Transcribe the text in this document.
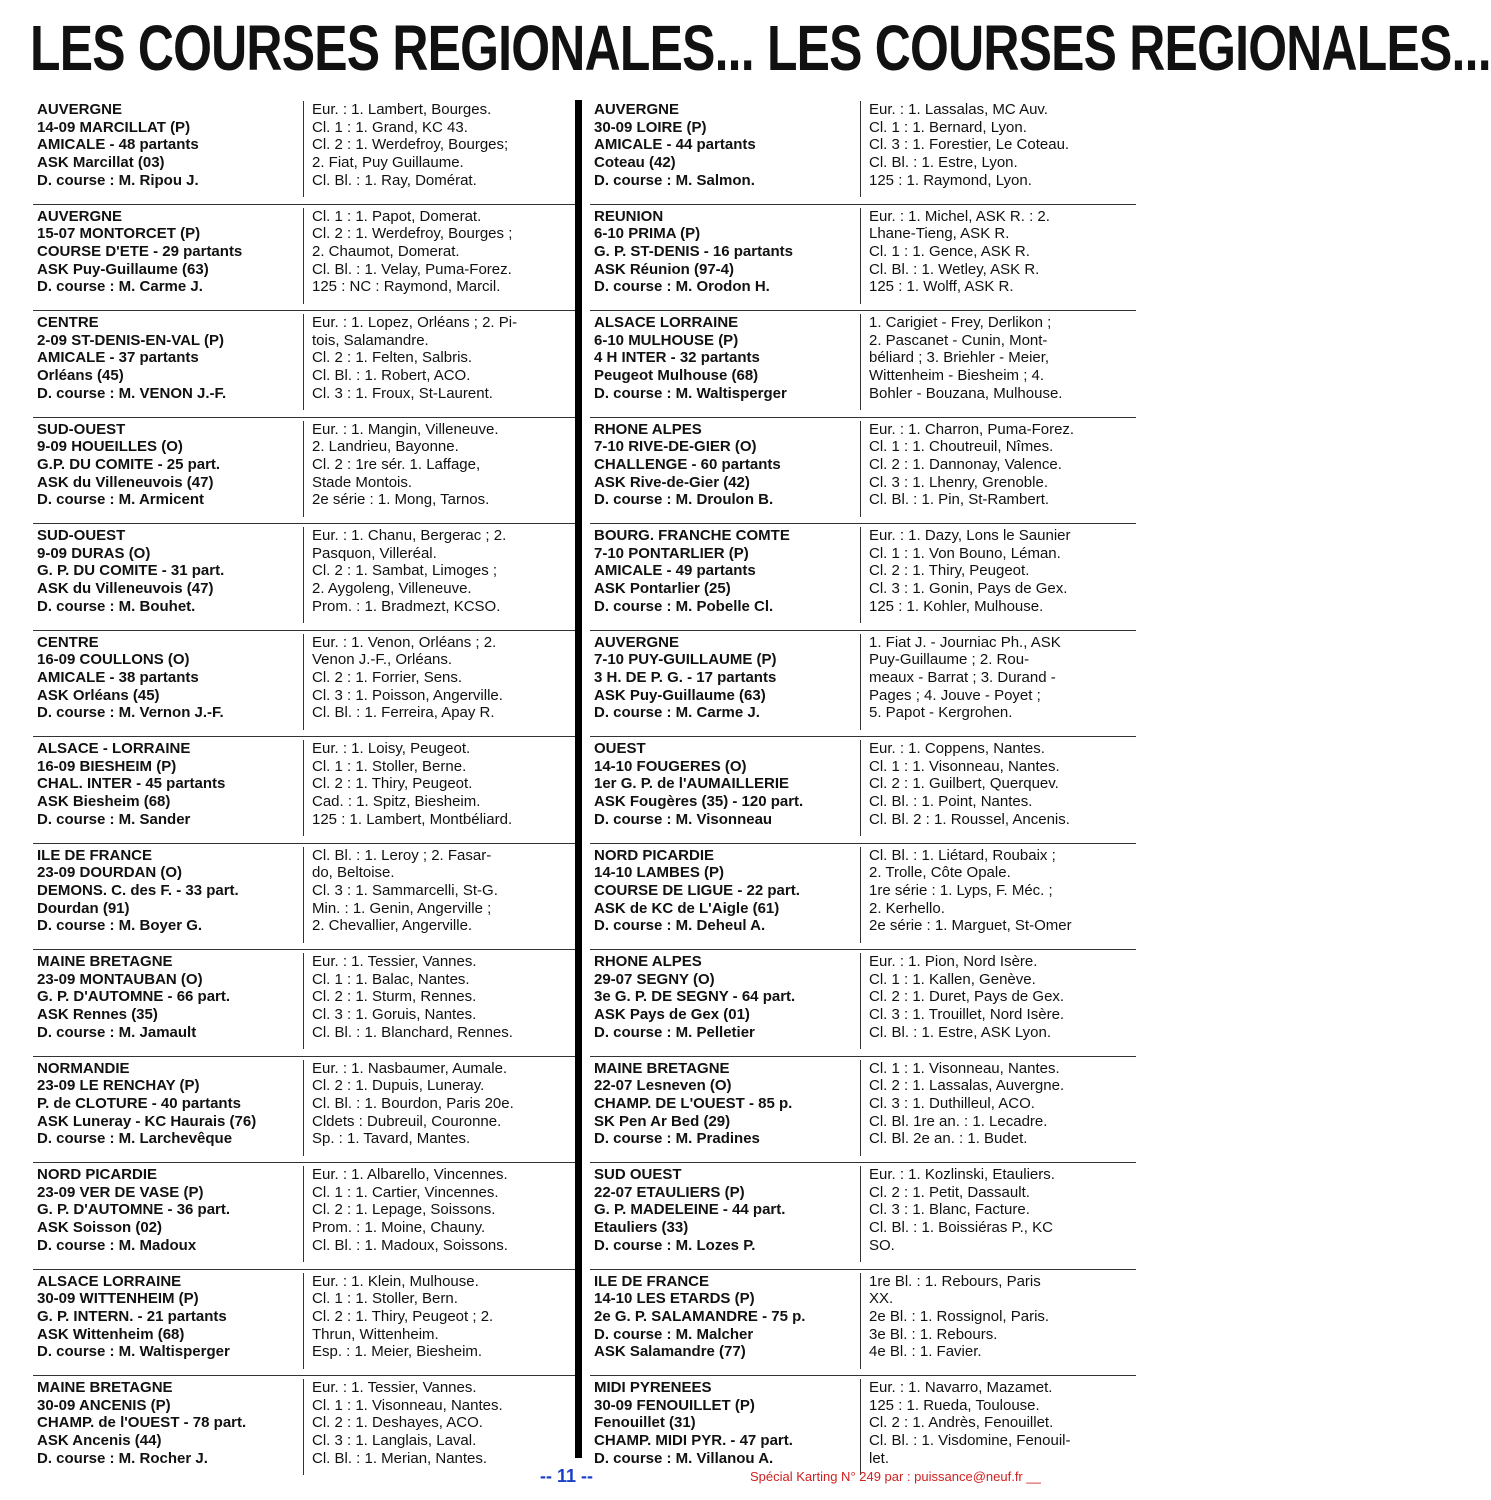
LES COURSES REGIONALES... LES COURSES REGIONALES...
AUVERGNE
14-09 MARCILLAT (P)
AMICALE - 48 partants
ASK Marcillat (03)
D. course : M. Ripou J.
Eur. : 1. Lambert, Bourges.
Cl. 1 : 1. Grand, KC 43.
Cl. 2 : 1. Werdefroy, Bourges;
2. Fiat, Puy Guillaume.
Cl. Bl. : 1. Ray, Domérat.
AUVERGNE
15-07 MONTORCET (P)
COURSE D'ETE - 29 partants
ASK Puy-Guillaume (63)
D. course : M. Carme J.
Cl. 1 : 1. Papot, Domerat.
Cl. 2 : 1. Werdefroy, Bourges ;
2. Chaumot, Domerat.
Cl. Bl. : 1. Velay, Puma-Forez.
125 : NC : Raymond, Marcil.
CENTRE
2-09 ST-DENIS-EN-VAL (P)
AMICALE - 37 partants
Orléans (45)
D. course : M. VENON J.-F.
Eur. : 1. Lopez, Orléans ; 2. Pi-
tois, Salamandre.
Cl. 2 : 1. Felten, Salbris.
Cl. Bl. : 1. Robert, ACO.
Cl. 3 : 1. Froux, St-Laurent.
SUD-OUEST
9-09 HOUEILLES (O)
G.P. DU COMITE - 25 part.
ASK du Villeneuvois (47)
D. course : M. Armicent
Eur. : 1. Mangin, Villeneuve.
2. Landrieu, Bayonne.
Cl. 2 : 1re sér. 1. Laffage,
Stade Montois.
2e série : 1. Mong, Tarnos.
SUD-OUEST
9-09 DURAS (O)
G. P. DU COMITE - 31 part.
ASK du Villeneuvois (47)
D. course : M. Bouhet.
Eur. : 1. Chanu, Bergerac ; 2.
Pasquon, Villeréal.
Cl. 2 : 1. Sambat, Limoges ;
2. Aygoleng, Villeneuve.
Prom. : 1. Bradmezt, KCSO.
CENTRE
16-09 COULLONS (O)
AMICALE - 38 partants
ASK Orléans (45)
D. course : M. Vernon J.-F.
Eur. : 1. Venon, Orléans ; 2.
Venon J.-F., Orléans.
Cl. 2 : 1. Forrier, Sens.
Cl. 3 : 1. Poisson, Angerville.
Cl. Bl. : 1. Ferreira, Apay R.
ALSACE - LORRAINE
16-09 BIESHEIM (P)
CHAL. INTER - 45 partants
ASK Biesheim (68)
D. course : M. Sander
Eur. : 1. Loisy, Peugeot.
Cl. 1 : 1. Stoller, Berne.
Cl. 2 : 1. Thiry, Peugeot.
Cad. : 1. Spitz, Biesheim.
125 : 1. Lambert, Montbéliard.
ILE DE FRANCE
23-09 DOURDAN (O)
DEMONS. C. des F. - 33 part.
Dourdan (91)
D. course : M. Boyer G.
Cl. Bl. : 1. Leroy ; 2. Fasar-
do, Beltoise.
Cl. 3 : 1. Sammarcelli, St-G.
Min. : 1. Genin, Angerville ;
2. Chevallier, Angerville.
MAINE BRETAGNE
23-09 MONTAUBAN (O)
G. P. D'AUTOMNE - 66 part.
ASK Rennes (35)
D. course : M. Jamault
Eur. : 1. Tessier, Vannes.
Cl. 1 : 1. Balac, Nantes.
Cl. 2 : 1. Sturm, Rennes.
Cl. 3 : 1. Goruis, Nantes.
Cl. Bl. : 1. Blanchard, Rennes.
NORMANDIE
23-09 LE RENCHAY (P)
P. de CLOTURE - 40 partants
ASK Luneray - KC Haurais (76)
D. course : M. Larchevêque
Eur. : 1. Nasbaumer, Aumale.
Cl. 2 : 1. Dupuis, Luneray.
Cl. Bl. : 1. Bourdon, Paris 20e.
Cldets : Dubreuil, Couronne.
Sp. : 1. Tavard, Mantes.
NORD PICARDIE
23-09 VER DE VASE (P)
G. P. D'AUTOMNE - 36 part.
ASK Soisson (02)
D. course : M. Madoux
Eur. : 1. Albarello, Vincennes.
Cl. 1 : 1. Cartier, Vincennes.
Cl. 2 : 1. Lepage, Soissons.
Prom. : 1. Moine, Chauny.
Cl. Bl. : 1. Madoux, Soissons.
ALSACE LORRAINE
30-09 WITTENHEIM (P)
G. P. INTERN. - 21 partants
ASK Wittenheim (68)
D. course : M. Waltisperger
Eur. : 1. Klein, Mulhouse.
Cl. 1 : 1. Stoller, Bern.
Cl. 2 : 1. Thiry, Peugeot ; 2.
Thrun, Wittenheim.
Esp. : 1. Meier, Biesheim.
MAINE BRETAGNE
30-09 ANCENIS (P)
CHAMP. de l'OUEST - 78 part.
ASK Ancenis (44)
D. course : M. Rocher J.
Eur. : 1. Tessier, Vannes.
Cl. 1 : 1. Visonneau, Nantes.
Cl. 2 : 1. Deshayes, ACO.
Cl. 3 : 1. Langlais, Laval.
Cl. Bl. : 1. Merian, Nantes.
AUVERGNE
30-09 LOIRE (P)
AMICALE - 44 partants
Coteau (42)
D. course : M. Salmon.
Eur. : 1. Lassalas, MC Auv.
Cl. 1 : 1. Bernard, Lyon.
Cl. 3 : 1. Forestier, Le Coteau.
Cl. Bl. : 1. Estre, Lyon.
125 : 1. Raymond, Lyon.
REUNION
6-10 PRIMA (P)
G. P. ST-DENIS - 16 partants
ASK Réunion (97-4)
D. course : M. Orodon H.
Eur. : 1. Michel, ASK R. : 2.
Lhane-Tieng, ASK R.
Cl. 1 : 1. Gence, ASK R.
Cl. Bl. : 1. Wetley, ASK R.
125 : 1. Wolff, ASK R.
ALSACE LORRAINE
6-10 MULHOUSE (P)
4 H INTER - 32 partants
Peugeot Mulhouse (68)
D. course : M. Waltisperger
1. Carigiet - Frey, Derlikon ;
2. Pascanet - Cunin, Mont-
béliard ; 3. Briehler - Meier,
Wittenheim - Biesheim ; 4.
Bohler - Bouzana, Mulhouse.
RHONE ALPES
7-10 RIVE-DE-GIER (O)
CHALLENGE - 60 partants
ASK Rive-de-Gier (42)
D. course : M. Droulon B.
Eur. : 1. Charron, Puma-Forez.
Cl. 1 : 1. Choutreuil, Nîmes.
Cl. 2 : 1. Dannonay, Valence.
Cl. 3 : 1. Lhenry, Grenoble.
Cl. Bl. : 1. Pin, St-Rambert.
BOURG. FRANCHE COMTE
7-10 PONTARLIER (P)
AMICALE - 49 partants
ASK Pontarlier (25)
D. course : M. Pobelle Cl.
Eur. : 1. Dazy, Lons le Saunier
Cl. 1 : 1. Von Bouno, Léman.
Cl. 2 : 1. Thiry, Peugeot.
Cl. 3 : 1. Gonin, Pays de Gex.
125 : 1. Kohler, Mulhouse.
AUVERGNE
7-10 PUY-GUILLAUME (P)
3 H. DE P. G. - 17 partants
ASK Puy-Guillaume (63)
D. course : M. Carme J.
1. Fiat J. - Journiac Ph., ASK
Puy-Guillaume ; 2. Rou-
meaux - Barrat ; 3. Durand -
Pages ; 4. Jouve - Poyet ;
5. Papot - Kergrohen.
OUEST
14-10 FOUGERES (O)
1er G. P. de l'AUMAILLERIE
ASK Fougères (35) - 120 part.
D. course : M. Visonneau
Eur. : 1. Coppens, Nantes.
Cl. 1 : 1. Visonneau, Nantes.
Cl. 2 : 1. Guilbert, Querquev.
Cl. Bl. : 1. Point, Nantes.
Cl. Bl. 2 : 1. Roussel, Ancenis.
NORD PICARDIE
14-10 LAMBES (P)
COURSE DE LIGUE - 22 part.
ASK de KC de L'Aigle (61)
D. course : M. Deheul A.
Cl. Bl. : 1. Liétard, Roubaix ;
2. Trolle, Côte Opale.
1re série : 1. Lyps, F. Méc. ;
2. Kerhello.
2e série : 1. Marguet, St-Omer
RHONE ALPES
29-07 SEGNY (O)
3e G. P. DE SEGNY - 64 part.
ASK Pays de Gex (01)
D. course : M. Pelletier
Eur. : 1. Pion, Nord Isère.
Cl. 1 : 1. Kallen, Genève.
Cl. 2 : 1. Duret, Pays de Gex.
Cl. 3 : 1. Trouillet, Nord Isère.
Cl. Bl. : 1. Estre, ASK Lyon.
MAINE BRETAGNE
22-07 Lesneven (O)
CHAMP. DE L'OUEST - 85 p.
SK Pen Ar Bed (29)
D. course : M. Pradines
Cl. 1 : 1. Visonneau, Nantes.
Cl. 2 : 1. Lassalas, Auvergne.
Cl. 3 : 1. Duthilleul, ACO.
Cl. Bl. 1re an. : 1. Lecadre.
Cl. Bl. 2e an. : 1. Budet.
SUD OUEST
22-07 ETAULIERS (P)
G. P. MADELEINE - 44 part.
Etauliers (33)
D. course : M. Lozes P.
Eur. : 1. Kozlinski, Etauliers.
Cl. 2 : 1. Petit, Dassault.
Cl. 3 : 1. Blanc, Facture.
Cl. Bl. : 1. Boissiéras P., KC
SO.
ILE DE FRANCE
14-10 LES ETARDS (P)
2e G. P. SALAMANDRE - 75 p.
D. course : M. Malcher
ASK Salamandre (77)
1re Bl. : 1. Rebours, Paris
XX.
2e Bl. : 1. Rossignol, Paris.
3e Bl. : 1. Rebours.
4e Bl. : 1. Favier.
MIDI PYRENEES
30-09 FENOUILLET (P)
Fenouillet (31)
CHAMP. MIDI PYR. - 47 part.
D. course : M. Villanou A.
Eur. : 1. Navarro, Mazamet.
125 : 1. Rueda, Toulouse.
Cl. 2 : 1. Andrès, Fenouillet.
Cl. Bl. : 1. Visdomine, Fenouil-
let.
-- 11 --	Spécial Karting N° 249 par : puissance@neuf.fr __
